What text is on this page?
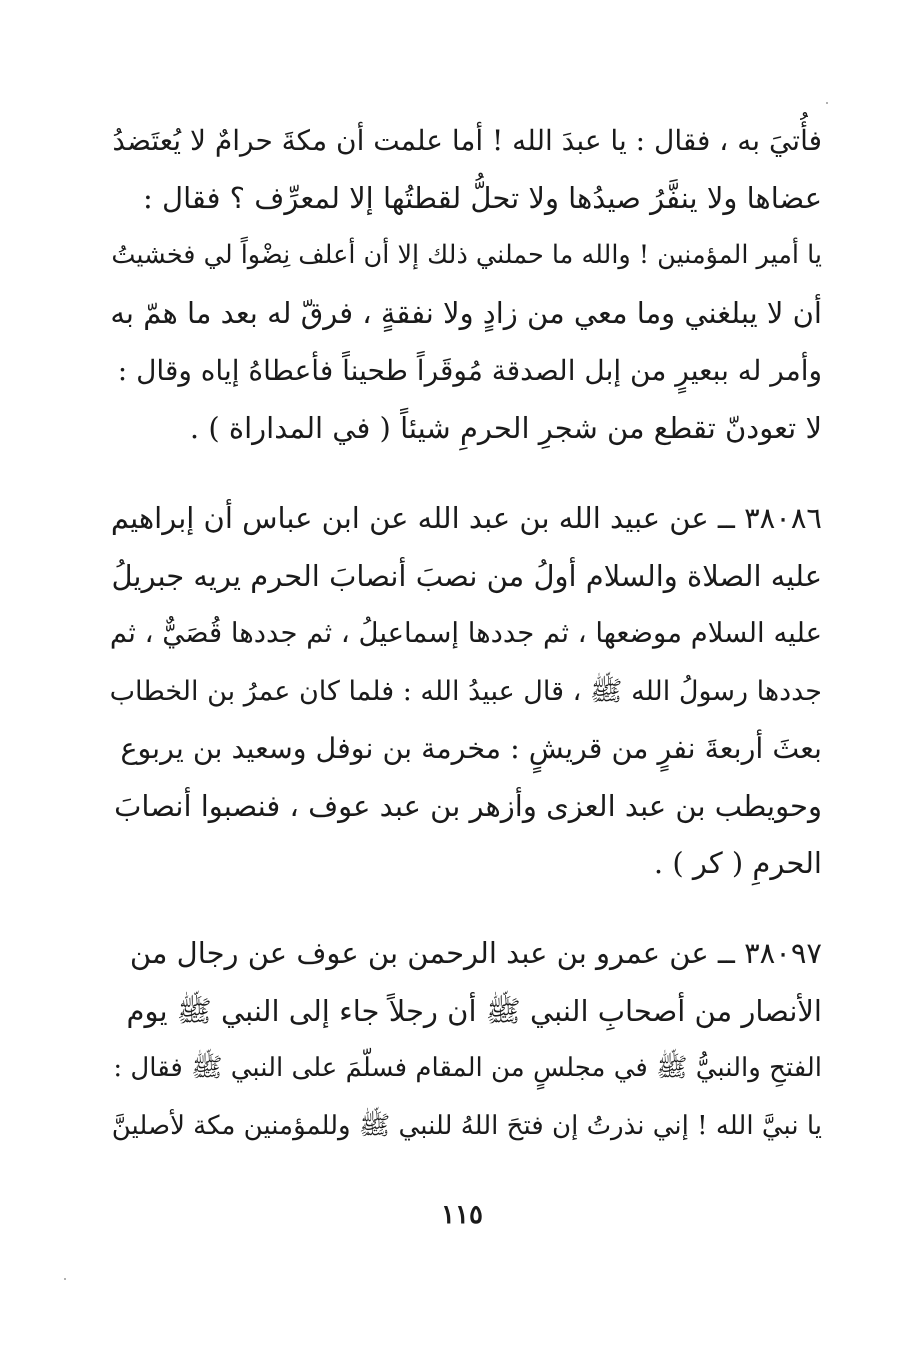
فأُتيَ به ، فقال : يا عبدَ الله ! أما علمت أن مكةَ حرامٌ لا يُعتَضدُ
عضاها ولا ينفَّرُ صيدُها ولا تحلُّ لقطتُها إلا لمعرِّف ؟ فقال :
يا أمير المؤمنين ! والله ما حملني ذلك إلا أن أعلف نِضْواً لي فخشيتُ
أن لا يبلغني وما معي من زادٍ ولا نفقةٍ ، فرقّ له بعد ما همّ به
وأمر له ببعيرٍ من إبل الصدقة مُوقَراً طحيناً فأعطاهُ إياه وقال :
لا تعودنّ تقطع من شجرِ الحرمِ شيئاً ( في المداراة ) .
٣٨٠٨٦ ــ عن عبيد الله بن عبد الله عن ابن عباس أن إبراهيم
عليه الصلاة والسلام أولُ من نصبَ أنصابَ الحرم يريه جبريلُ
عليه السلام موضعها ، ثم جددها إسماعيلُ ، ثم جددها قُصَيٌّ ، ثم
جددها رسولُ الله ﷺ ، قال عبيدُ الله : فلما كان عمرُ بن الخطاب
بعثَ أربعةَ نفرٍ من قريشٍ : مخرمة بن نوفل وسعيد بن يربوع
وحويطب بن عبد العزى وأزهر بن عبد عوف ، فنصبوا أنصابَ
الحرمِ ( كر ) .
٣٨٠٩٧ ــ عن عمرو بن عبد الرحمن بن عوف عن رجال من
الأنصار من أصحابِ النبي ﷺ أن رجلاً جاء إلى النبي ﷺ يوم
الفتحِ والنبيُّ ﷺ في مجلسٍ من المقام فسلّمَ على النبي ﷺ فقال :
يا نبيَّ الله ! إني نذرتُ إن فتحَ اللهُ للنبي ﷺ وللمؤمنين مكة لأصلينَّ
١١٥
